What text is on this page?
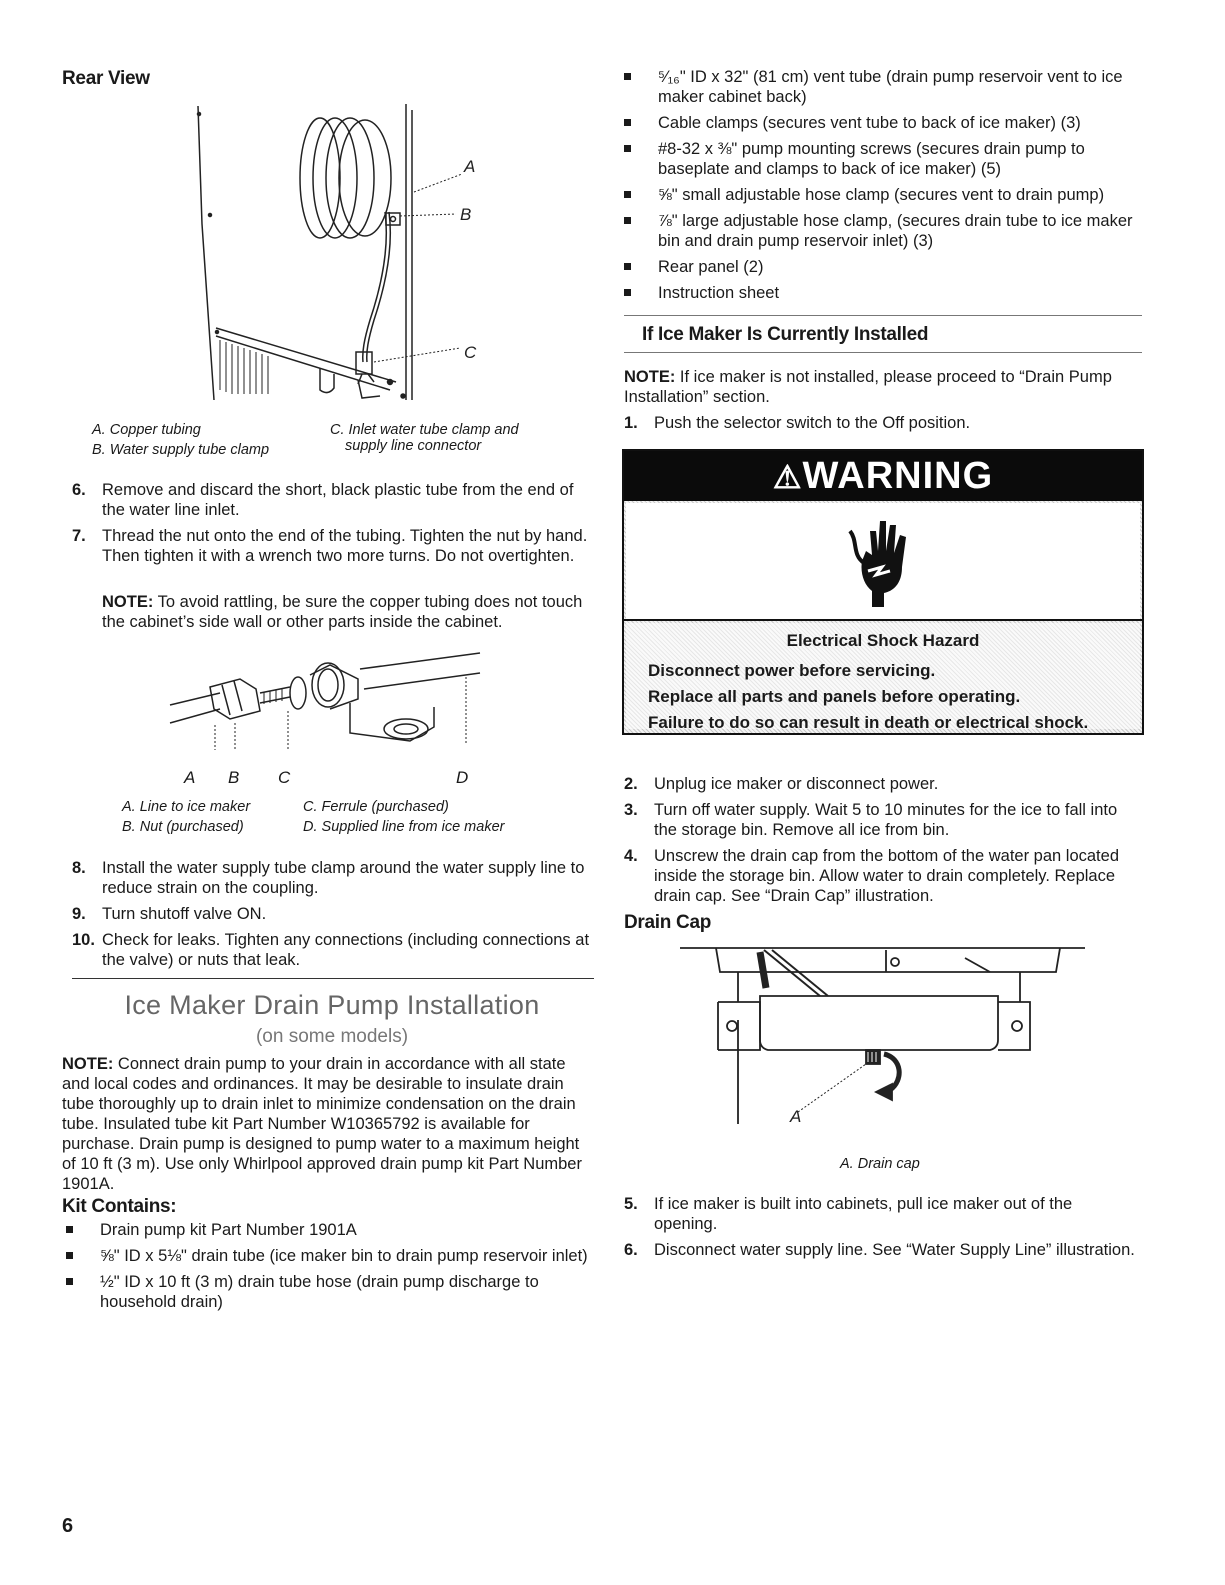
Rear View
A
B
C
A. Copper tubing
B. Water supply tube clamp
C. Inlet water tube clamp and
supply line connector
6. Remove and discard the short, black plastic tube from the end of the water line inlet.
7. Thread the nut onto the end of the tubing. Tighten the nut by hand. Then tighten it with a wrench two more turns. Do not overtighten.
NOTE: To avoid rattling, be sure the copper tubing does not touch the cabinet’s side wall or other parts inside the cabinet.
A B C	D
A. Line to ice maker
B. Nut (purchased)
C. Ferrule (purchased)
D. Supplied line from ice maker
8. Install the water supply tube clamp around the water supply line to reduce strain on the coupling.
9. Turn shutoff valve ON.
10. Check for leaks. Tighten any connections (including connections at the valve) or nuts that leak.
Ice Maker Drain Pump Installation
(on some models)
NOTE: Connect drain pump to your drain in accordance with all state and local codes and ordinances. It may be desirable to insulate drain tube thoroughly up to drain inlet to minimize condensation on the drain tube. Insulated tube kit Part Number W10365792 is available for purchase. Drain pump is designed to pump water to a maximum height of 10 ft (3 m). Use only Whirlpool approved drain pump kit Part Number 1901A.
Kit Contains:
Drain pump kit Part Number 1901A
⅝" ID x 5⅛" drain tube (ice maker bin to drain pump reservoir inlet)
½" ID x 10 ft (3 m) drain tube hose (drain pump discharge to household drain)
6
⁵⁄₁₆" ID x 32" (81 cm) vent tube (drain pump reservoir vent to ice maker cabinet back)
Cable clamps (secures vent tube to back of ice maker) (3)
#8-32 x ⅜" pump mounting screws (secures drain pump to baseplate and clamps to back of ice maker) (5)
⅝" small adjustable hose clamp (secures vent to drain pump)
⅞" large adjustable hose clamp, (secures drain tube to ice maker bin and drain pump reservoir inlet) (3)
Rear panel (2)
Instruction sheet
If Ice Maker Is Currently Installed
NOTE: If ice maker is not installed, please proceed to “Drain Pump Installation” section.
1. Push the selector switch to the Off position.
⚠WARNING
Electrical Shock Hazard
Disconnect power before servicing.
Replace all parts and panels before operating.
Failure to do so can result in death or electrical shock.
2. Unplug ice maker or disconnect power.
3. Turn off water supply. Wait 5 to 10 minutes for the ice to fall into the storage bin. Remove all ice from bin.
4. Unscrew the drain cap from the bottom of the water pan located inside the storage bin. Allow water to drain completely. Replace drain cap. See “Drain Cap” illustration.
Drain Cap
A
A. Drain cap
5. If ice maker is built into cabinets, pull ice maker out of the opening.
6. Disconnect water supply line. See “Water Supply Line” illustration.
